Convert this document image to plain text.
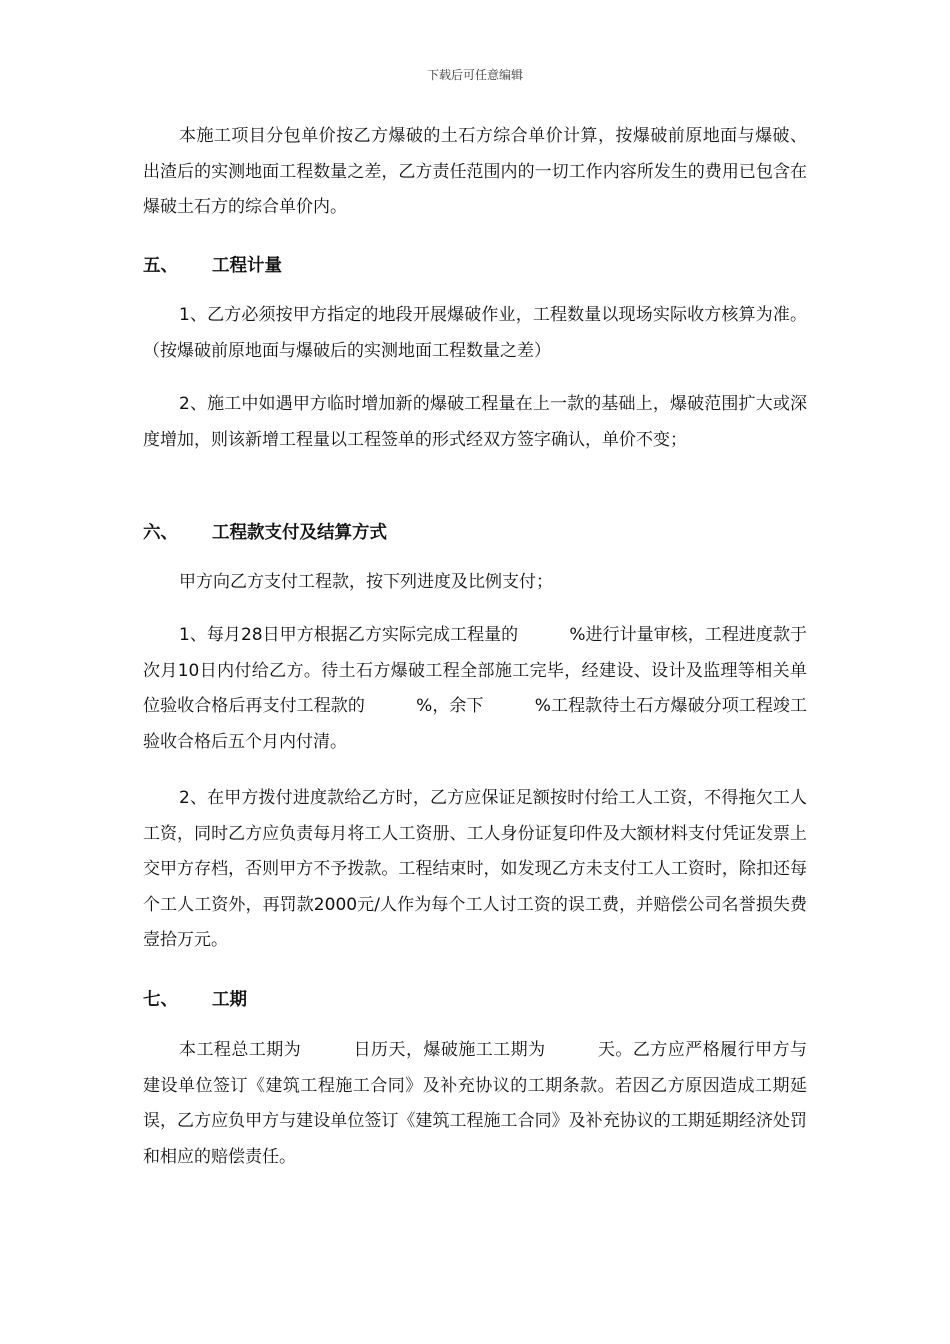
下载后可任意编辑

本施工项目分包单价按乙方爆破的土石方综合单价计算，按爆破前原地面与爆破、出渣后的实测地面工程数量之差，乙方责任范围内的一切工作内容所发生的费用已包含在爆破土石方的综合单价内。

五、 工程计量

1、乙方必须按甲方指定的地段开展爆破作业，工程数量以现场实际收方核算为准。（按爆破前原地面与爆破后的实测地面工程数量之差）

2、施工中如遇甲方临时增加新的爆破工程量在上一款的基础上，爆破范围扩大或深度增加，则该新增工程量以工程签单的形式经双方签字确认，单价不变；

六、 工程款支付及结算方式

甲方向乙方支付工程款，按下列进度及比例支付；

1、每月28日甲方根据乙方实际完成工程量的　　　%进行计量审核，工程进度款于次月10日内付给乙方。待土石方爆破工程全部施工完毕，经建设、设计及监理等相关单位验收合格后再支付工程款的　　　%，余下　　　%工程款待土石方爆破分项工程竣工验收合格后五个月内付清。

2、在甲方拨付进度款给乙方时，乙方应保证足额按时付给工人工资，不得拖欠工人工资，同时乙方应负责每月将工人工资册、工人身份证复印件及大额材料支付凭证发票上交甲方存档，否则甲方不予拨款。工程结束时，如发现乙方未支付工人工资时，除扣还每个工人工资外，再罚款2000元/人作为每个工人讨工资的误工费，并赔偿公司名誉损失费壹拾万元。

七、 工期

本工程总工期为　　　日历天，爆破施工工期为　　　天。乙方应严格履行甲方与建设单位签订《建筑工程施工合同》及补充协议的工期条款。若因乙方原因造成工期延误，乙方应负甲方与建设单位签订《建筑工程施工合同》及补充协议的工期延期经济处罚和相应的赔偿责任。
